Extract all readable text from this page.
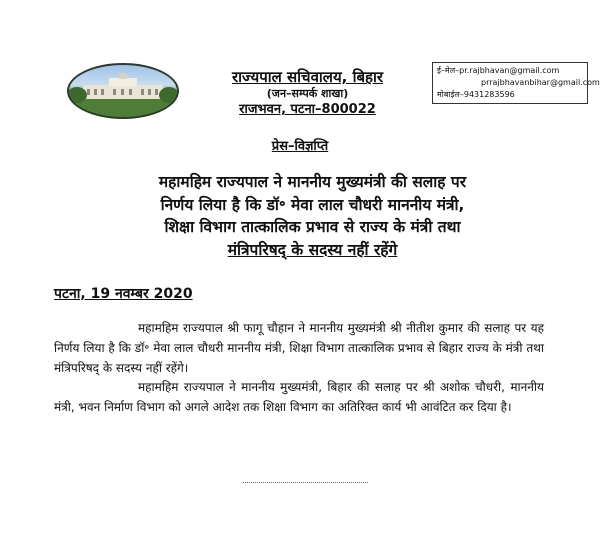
राज्यपाल सचिवालय, बिहार
(जन–सम्पर्क शाखा)
राजभवन, पटना–800022
ई–मेल–pr.rajbhavan@gmail.com
prrajbhavanbihar@gmail.com
मोबाईल–9431283596
प्रेस–विज्ञप्ति
महामहिम राज्यपाल ने माननीय मुख्यमंत्री की सलाह पर
निर्णय लिया है कि डॉ॰ मेवा लाल चौधरी माननीय मंत्री,
शिक्षा विभाग तात्कालिक प्रभाव से राज्य के मंत्री तथा
मंत्रिपरिषद् के सदस्य नहीं रहेंगे
पटना, 19 नवम्बर 2020

महामहिम राज्यपाल श्री फागू चौहान ने माननीय मुख्यमंत्री श्री नीतीश कुमार की सलाह पर यह निर्णय लिया है कि डॉ॰ मेवा लाल चौधरी माननीय मंत्री, शिक्षा विभाग तात्कालिक प्रभाव से बिहार राज्य के मंत्री तथा मंत्रिपरिषद् के सदस्य नहीं रहेंगे।

महामहिम राज्यपाल ने माननीय मुख्यमंत्री, बिहार की सलाह पर श्री अशोक चौधरी, माननीय मंत्री, भवन निर्माण विभाग को अगले आदेश तक शिक्षा विभाग का अतिरिक्त कार्य भी आवंटित कर दिया है।
